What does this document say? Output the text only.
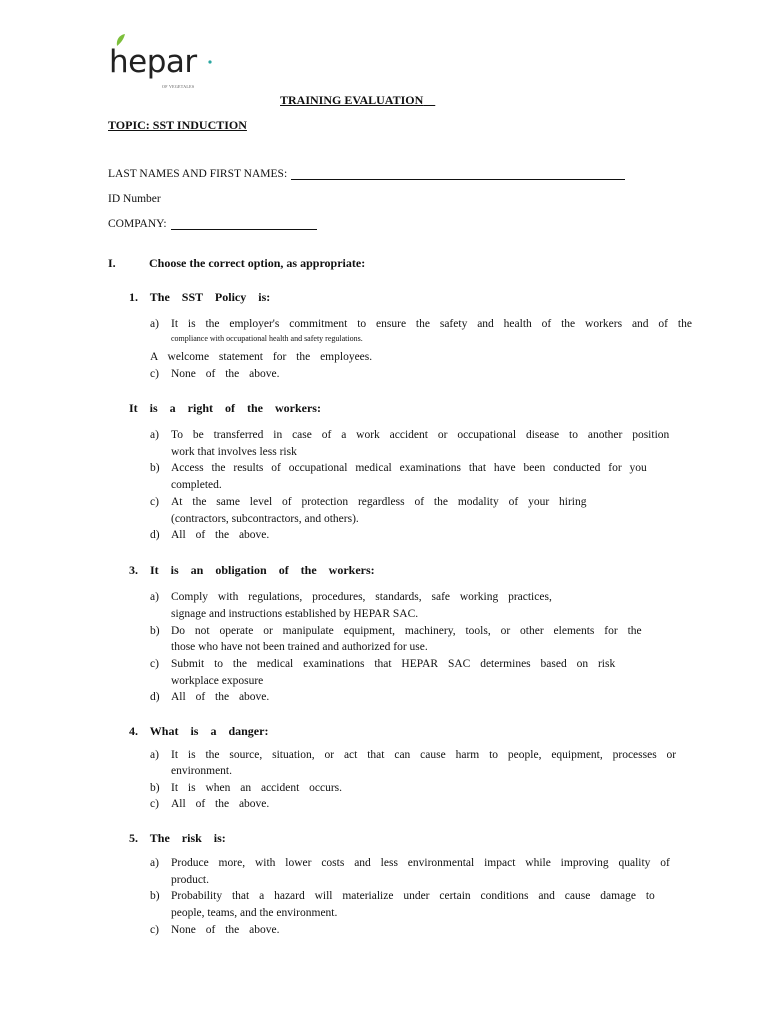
hepar
OF VEGETALES
TRAINING EVALUATION
TOPIC: SST INDUCTION
LAST NAMES AND FIRST NAMES:
ID Number
COMPANY:
I.	Choose the correct option, as appropriate:
1. The SST Policy is:
a) It is the employer's commitment to ensure the safety and health of the workers and of the
compliance with occupational health and safety regulations.
A welcome statement for the employees.
c) None of the above.
It is a right of the workers:
a) To be transferred in case of a work accident or occupational disease to another position
work that involves less risk
b) Access the results of occupational medical examinations that have been conducted for you
completed.
c) At the same level of protection regardless of the modality of your hiring
(contractors, subcontractors, and others).
d) All of the above.
3. It is an obligation of the workers:
a) Comply with regulations, procedures, standards, safe working practices,
signage and instructions established by HEPAR SAC.
b) Do not operate or manipulate equipment, machinery, tools, or other elements for the
those who have not been trained and authorized for use.
c) Submit to the medical examinations that HEPAR SAC determines based on risk
workplace exposure
d) All of the above.
4. What is a danger:
a) It is the source, situation, or act that can cause harm to people, equipment, processes or
environment.
b) It is when an accident occurs.
c) All of the above.
5. The risk is:
a) Produce more, with lower costs and less environmental impact while improving quality of
product.
b) Probability that a hazard will materialize under certain conditions and cause damage to
people, teams, and the environment.
c) None of the above.
